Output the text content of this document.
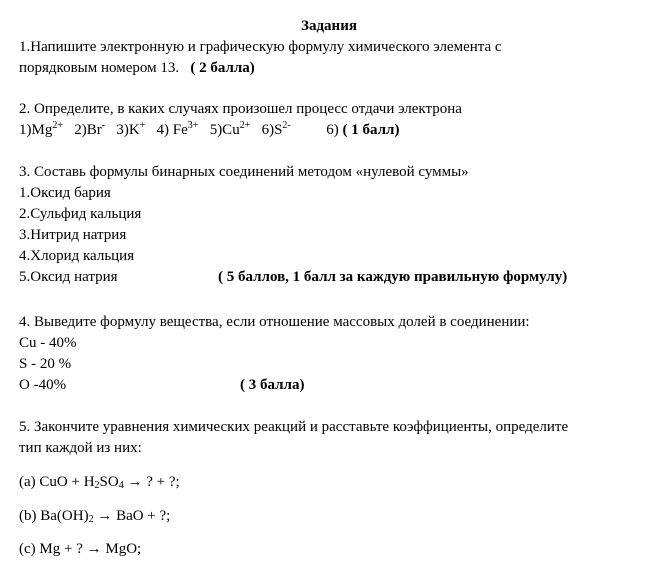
Задания
1.Напишите электронную и графическую формулу химического элемента с
порядковым номером 13. ( 2 балла)
2. Определите, в каких случаях произошел процесс отдачи электрона
$1)Mg^{2+}$ 2)Br- 3)K+ 4) $Fe^{3+}$ $5)Cu^{2+}$ $6)S^{2-}$ 6) ( 1 балл)
3. Составь формулы бинарных соединений методом «нулевой суммы»
1.Оксид бария
2.Сульфид кальция
3.Нитрид натрия
4.Хлорид кальция
5.Оксид натрия	( 5 баллов, 1 балл за каждую правильную формулу)
4. Выведите формулу вещества, если отношение массовых долей в соединении:
Cu - 40%
S - 20 %
O -40%	( 3 балла)
5. Закончите уравнения химических реакций и расставьте коэффициенты, определите
тип каждой из них:
(a) CuO + $H_2SO_4$ → ? + ?;
(b) $Ba(OH)_2$ → BaO + ?;
(c) Mg + ? → MgO;
